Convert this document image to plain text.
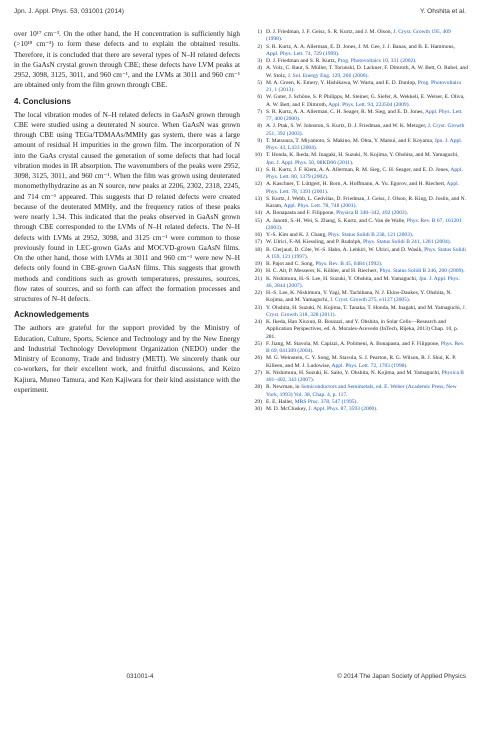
Jpn. J. Appl. Phys. 53, 031001 (2014)	Y. Ohshita et al.

over 10¹⁷ cm⁻³. On the other hand, the H concentration is sufficiently high (>10¹⁸ cm⁻³) to form these defects and to explain the obtained results. Therefore, it is concluded that there are several types of N–H related defects in the GaAsN crystal grown through CBE; these defects have LVM peaks at 2952, 3098, 3125, 3011, and 960 cm⁻¹, and the LVMs at 3011 and 960 cm⁻¹ are obtained only from the film grown through CBE.

4. Conclusions

The local vibration modes of N–H related defects in GaAsN grown through CBE were studied using a deuterated N source. When GaAsN was grown through CBE using TEGa/TDMAAs/MMHy gas system, there was a large amount of residual H impurities in the grown film. The incorporation of N into the GaAs crystal caused the generation of some defects that had local vibration modes in IR absorption. The wavenumbers of the peaks were 2952, 3098, 3125, 3011, and 960 cm⁻¹. When the film was grown using deuterated monomethylhydrazine as an N source, new peaks at 2206, 2302, 2318, 2245, and 714 cm⁻¹ appeared. This suggests that D related defects were created because of the deuterated MMHy, and the frequency ratios of these peaks were nearly 1.34. This indicated that the peaks observed in GaAsN grown through CBE corresponded to the LVMs of N–H related defects. The N–H defects with LVMs at 2952, 3098, and 3125 cm⁻¹ were common to those previously found in LEC-grown GaAs and MOCVD-grown GaAsN films. On the other hand, those with LVMs at 3011 and 960 cm⁻¹ were new N–H defects only found in CBE-grown GaAsN films. This suggests that growth methods and conditions such as growth temperatures, pressures, sources, flow rates of sources, and so forth can affect the formation processes and structures of N–H defects.

Acknowledgements

The authors are grateful for the support provided by the Ministry of Education, Culture, Sports, Science and Technology and by the New Energy and Industrial Technology Development Organization (NEDO) under the Ministry of Economy, Trade and Industry (METI). We sincerely thank our co-workers, for their excellent work, and fruitful discussions, and Keizo Kajiura, Muneo Tamura, and Ken Kajiwara for their kind assistance with the experiment.

1) D. J. Friedman, J. F. Geisz, S. R. Kurtz, and J. M. Olson, J. Cryst. Growth 195, 409 (1998).
2) S. R. Kurtz, A. A. Allerman, E. D. Jones, J. M. Gee, J. J. Banas, and B. E. Hammons, Appl. Phys. Lett. 74, 729 (1999).
3) D. J. Friedman and S. R. Kurtz, Prog. Photovoltaics 10, 331 (2002).
4) A. Volz, C. Baur, S. Müller, T. Torunski, D. Lackner, F. Dimroth, A. W. Bett, O. Rubel, and W. Stolz, J. Sol. Energy Eng. 129, 266 (2006).
5) M. A. Green, K. Emery, Y. Hishikawa, W. Warta, and E. D. Dunlop, Prog. Photovoltaics 21, 1 (2013).
6) W. Guter, J. Schöne, S. P. Philipps, M. Steiner, G. Siefer, A. Wekkeli, E. Welser, E. Oliva, A. W. Bett, and F. Dimroth, Appl. Phys. Lett. 94, 223504 (2009).
7) S. R. Kurtz, A. A. Allerman, C. H. Seager, R. M. Sieg, and E. D. Jones, Appl. Phys. Lett. 77, 400 (2000).
8) A. J. Ptak, S. W. Johnston, S. Kurtz, D. J. Friedman, and W. K. Metzger, J. Cryst. Growth 251, 392 (2003).
9) T. Matsuura, T. Miyamoto, S. Makino, M. Ohta, Y. Matsui, and F. Koyama, Jpn. J. Appl. Phys. 43, L433 (2004).
10) T. Honda, K. Ikeda, M. Inagaki, H. Suzuki, N. Kojima, Y. Ohshita, and M. Yamaguchi, Jpn. J. Appl. Phys. 50, 08KD06 (2011).
11) S. R. Kurtz, J. F. Klem, A. A. Allerman, R. M. Sieg, C. H. Seager, and E. D. Jones, Appl. Phys. Lett. 80, 1379 (2002).
12) A. Kaschner, T. Lüttgert, H. Born, A. Hoffmann, A. Yu. Egorov, and H. Riechert, Appl. Phys. Lett. 78, 1391 (2001).
13) S. Kurtz, J. Webb, L. Gedvilas, D. Friedman, J. Geisz, J. Olson, R. King, D. Joslin, and N. Karam, Appl. Phys. Lett. 78, 748 (2001).
14) A. Bonapasta and F. Filippone, Physica B 340–342, 492 (2003).
15) A. Janotti, S.-H. Wei, S. Zhang, S. Kurtz, and C. Van de Walle, Phys. Rev. B 67, 161201 (2003).
16) Y.-S. Kim and K. J. Chang, Phys. Status Solidi B 238, 121 (2003).
17) W. Ulrici, F.-M. Kiessling, and P. Rudolph, Phys. Status Solidi B 241, 1281 (2004).
18) B. Clerjaud, D. Côte, W.-S. Hahn, A. Lebkiri, W. Ulrici, and D. Wasik, Phys. Status Solidi A 159, 121 (1997).
19) B. Pajot and C. Song, Phys. Rev. B 45, 6484 (1992).
20) H. C. Alt, P. Messerer, K. Köhler, and H. Riechert, Phys. Status Solidi B 246, 200 (2009).
21) K. Nishimura, H.-S. Lee, H. Suzuki, Y. Ohshita, and M. Yamaguchi, Jpn. J. Appl. Phys. 46, 2844 (2007).
22) H.-S. Lee, K. Nishimura, Y. Yagi, M. Tachibana, N. J. Ekins-Daukes, Y. Ohshita, N. Kojima, and M. Yamaguchi, J. Cryst. Growth 275, e1127 (2005).
23) Y. Ohshita, H. Suzuki, N. Kojima, T. Tanaka, T. Honda, M. Inagaki, and M. Yamaguchi, J. Cryst. Growth 318, 328 (2011).
24) K. Ikeda, Han Xiuxun, B. Bouzazi, and Y. Ohshita, in Solar Cells—Research and Application Perspectives, ed. A. Morales-Acevedo (InTech, Rijeka, 2013) Chap. 10, p. 281.
25) F. Jiang, M. Stavola, M. Capizzi, A. Polimeni, A. Bonapasta, and F. Filippone, Phys. Rev. B 69, 041309 (2004).
26) M. G. Weinstein, C. Y. Song, M. Stavola, S. J. Pearton, R. G. Wilson, R. J. Shul, K. P. Killeen, and M. J. Ludowise, Appl. Phys. Lett. 72, 1703 (1998).
27) K. Nishimura, H. Suzuki, K. Saito, Y. Ohshita, N. Kojima, and M. Yamaguchi, Physica B 401–402, 343 (2007).
28) R. Newman, in Semiconductors and Semimetals, ed. E. Weber (Academic Press, New York, 1993) Vol. 38, Chap. 4, p. 117.
29) E. E. Haller, MRS Proc. 378, 547 (1995).
30) M. D. McCluskey, J. Appl. Phys. 87, 3593 (2000).
031001-4	© 2014 The Japan Society of Applied Physics
